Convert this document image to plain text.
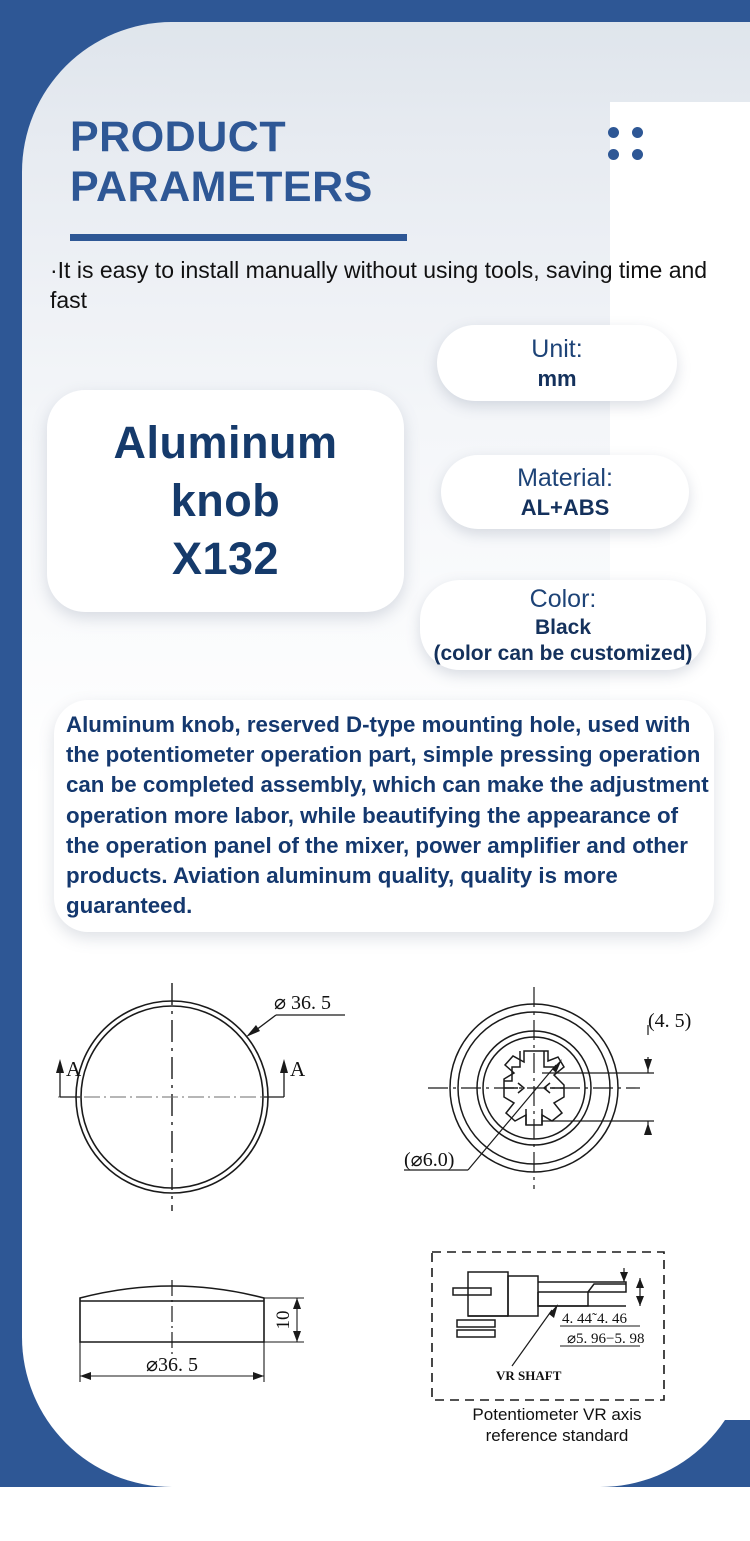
PRODUCT
PARAMETERS
·It is easy to install manually without using tools, saving time and fast
Aluminum
knob
X132
Unit:
mm
Material:
AL+ABS
Color:
Black
(color can be customized)
Aluminum knob, reserved D-type mounting hole, used with the potentiometer operation part, simple pressing operation can be completed assembly, which can make the adjustment operation more labor, while beautifying the appearance of the operation panel of the mixer, power amplifier and other products. Aviation aluminum quality, quality is more guaranteed.
A	A
⌀ 36. 5
(4. 5)
(⌀6.0)
10
⌀36. 5	VR SHAFT
4. 44˜4. 46
⌀5. 96−5. 98
Potentiometer VR axis
reference standard
